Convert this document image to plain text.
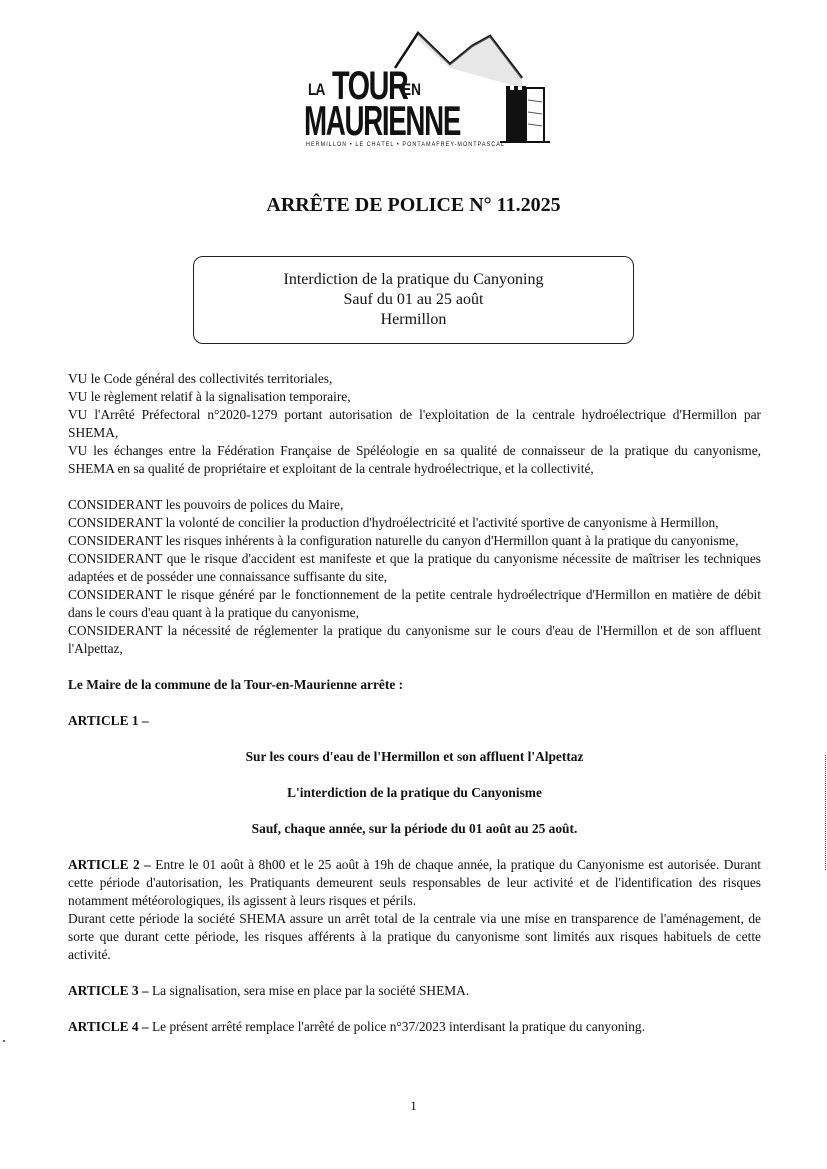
LA TOUR
EN
MAURIENNE
HERMILLON • LE CHÂTEL • PONTAMAFREY-MONTPASCAL
ARRÊTE DE POLICE N° 11.2025
Interdiction de la pratique du Canyoning
Sauf du 01 au 25 août
Hermillon

VU le Code général des collectivités territoriales,

VU le règlement relatif à la signalisation temporaire,

VU l'Arrêté Préfectoral n°2020-1279 portant autorisation de l'exploitation de la centrale hydroélectrique d'Hermillon par SHEMA,

VU les échanges entre la Fédération Française de Spéléologie en sa qualité de connaisseur de la pratique du canyonisme, SHEMA en sa qualité de propriétaire et exploitant de la centrale hydroélectrique, et la collectivité,

CONSIDERANT les pouvoirs de polices du Maire,

CONSIDERANT la volonté de concilier la production d'hydroélectricité et l'activité sportive de canyonisme à Hermillon,

CONSIDERANT les risques inhérents à la configuration naturelle du canyon d'Hermillon quant à la pratique du canyonisme,

CONSIDERANT que le risque d'accident est manifeste et que la pratique du canyonisme nécessite de maîtriser les techniques adaptées et de posséder une connaissance suffisante du site,

CONSIDERANT le risque généré par le fonctionnement de la petite centrale hydroélectrique d'Hermillon en matière de débit dans le cours d'eau quant à la pratique du canyonisme,

CONSIDERANT la nécessité de réglementer la pratique du canyonisme sur le cours d'eau de l'Hermillon et de son affluent l'Alpettaz,

Le Maire de la commune de la Tour-en-Maurienne arrête :

ARTICLE 1 –

Sur les cours d'eau de l'Hermillon et son affluent l'Alpettaz

L'interdiction de la pratique du Canyonisme

Sauf, chaque année, sur la période du 01 août au 25 août.

ARTICLE 2 – Entre le 01 août à 8h00 et le 25 août à 19h de chaque année, la pratique du Canyonisme est autorisée. Durant cette période d'autorisation, les Pratiquants demeurent seuls responsables de leur activité et de l'identification des risques notamment météorologiques, ils agissent à leurs risques et périls.

Durant cette période la société SHEMA assure un arrêt total de la centrale via une mise en transparence de l'aménagement, de sorte que durant cette période, les risques afférents à la pratique du canyonisme sont limités aux risques habituels de cette activité.

ARTICLE 3 – La signalisation, sera mise en place par la société SHEMA.

ARTICLE 4 – Le présent arrêté remplace l'arrêté de police n°37/2023 interdisant la pratique du canyoning.

1
